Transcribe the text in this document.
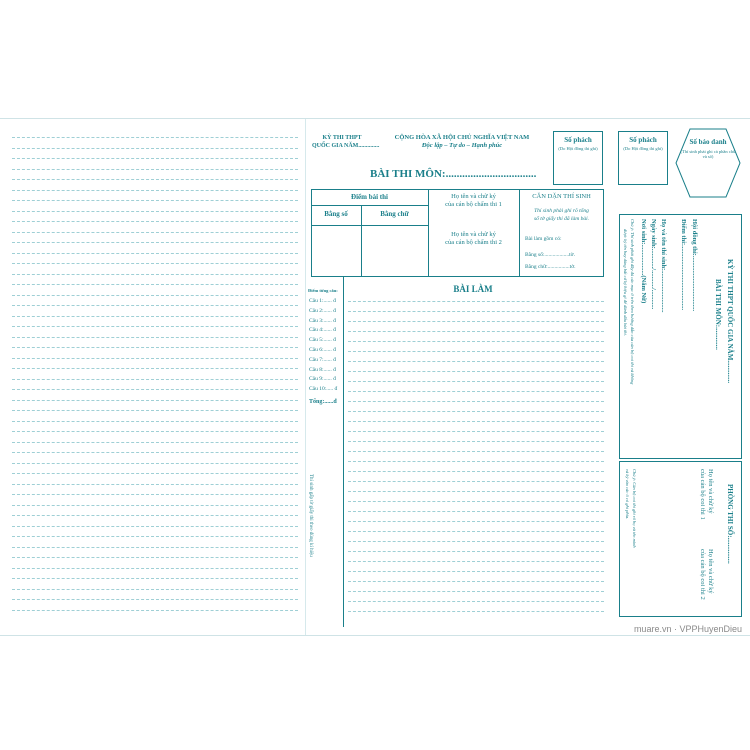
KỲ THI THPT
QUỐC GIA NĂM..............
CỘNG HÒA XÃ HỘI CHỦ NGHĨA VIỆT NAM
Độc lập – Tự do – Hạnh phúc
BÀI THI MÔN:.................................
Số phách
(Do Hội đồng thi ghi)
Số phách
(Do Hội đồng thi ghi)
Số báo danh
(Thí sinh phải ghi cả phần chữ và số)
Điểm bài thi
Bằng số	Bằng chữ
Họ tên và chữ ký
của cán bộ chấm thi 1
Họ tên và chữ ký
của cán bộ chấm thi 2
CĂN DẶN THÍ SINH
Thí sinh phải ghi rõ tổng
số tờ giấy thi đã làm bài.
Bài làm gồm có:
Bằng số:..................tờ.
Bằng chữ:................tờ.
BÀI LÀM
Điểm từng câu:
Câu 1:...... đ
Câu 2:...... đ
Câu 3:...... đ
Câu 4:...... đ
Câu 5:...... đ
Câu 6:...... đ
Câu 7:...... đ
Câu 8:...... đ
Câu 9:...... đ
Câu 10:..... đ
Tổng:......đ
Thí sinh gấp tờ giấy thi theo đúng kí hiệu
KỲ THI THPT QUỐC GIA NĂM.............
BÀI THI MÔN:.............
Hội đồng thi:..................................
Điểm thi:........................................
Họ và tên thí sinh:..........................
Ngày sinh:............/.........../............
Nơi sinh:...................(Năm Nữ)
Chú ý: Thí sinh phải ghi đầy đủ các mục ở trên theo hướng dẫn của cán bộ coi thi và không
được ký tên hay dùng bất cứ ký hiệu gì để đánh dấu bài thi.
PHÒNG THI SỐ:...............
Họ tên và chữ ký
của cán bộ coi thi 1
Họ tên và chữ ký
của cán bộ coi thi 2
Chú ý: Cán bộ coi thi ghi rõ họ và tên mình
và ký vào các ô có ghi phía.
muare.vn · VPPHuyenDieu
